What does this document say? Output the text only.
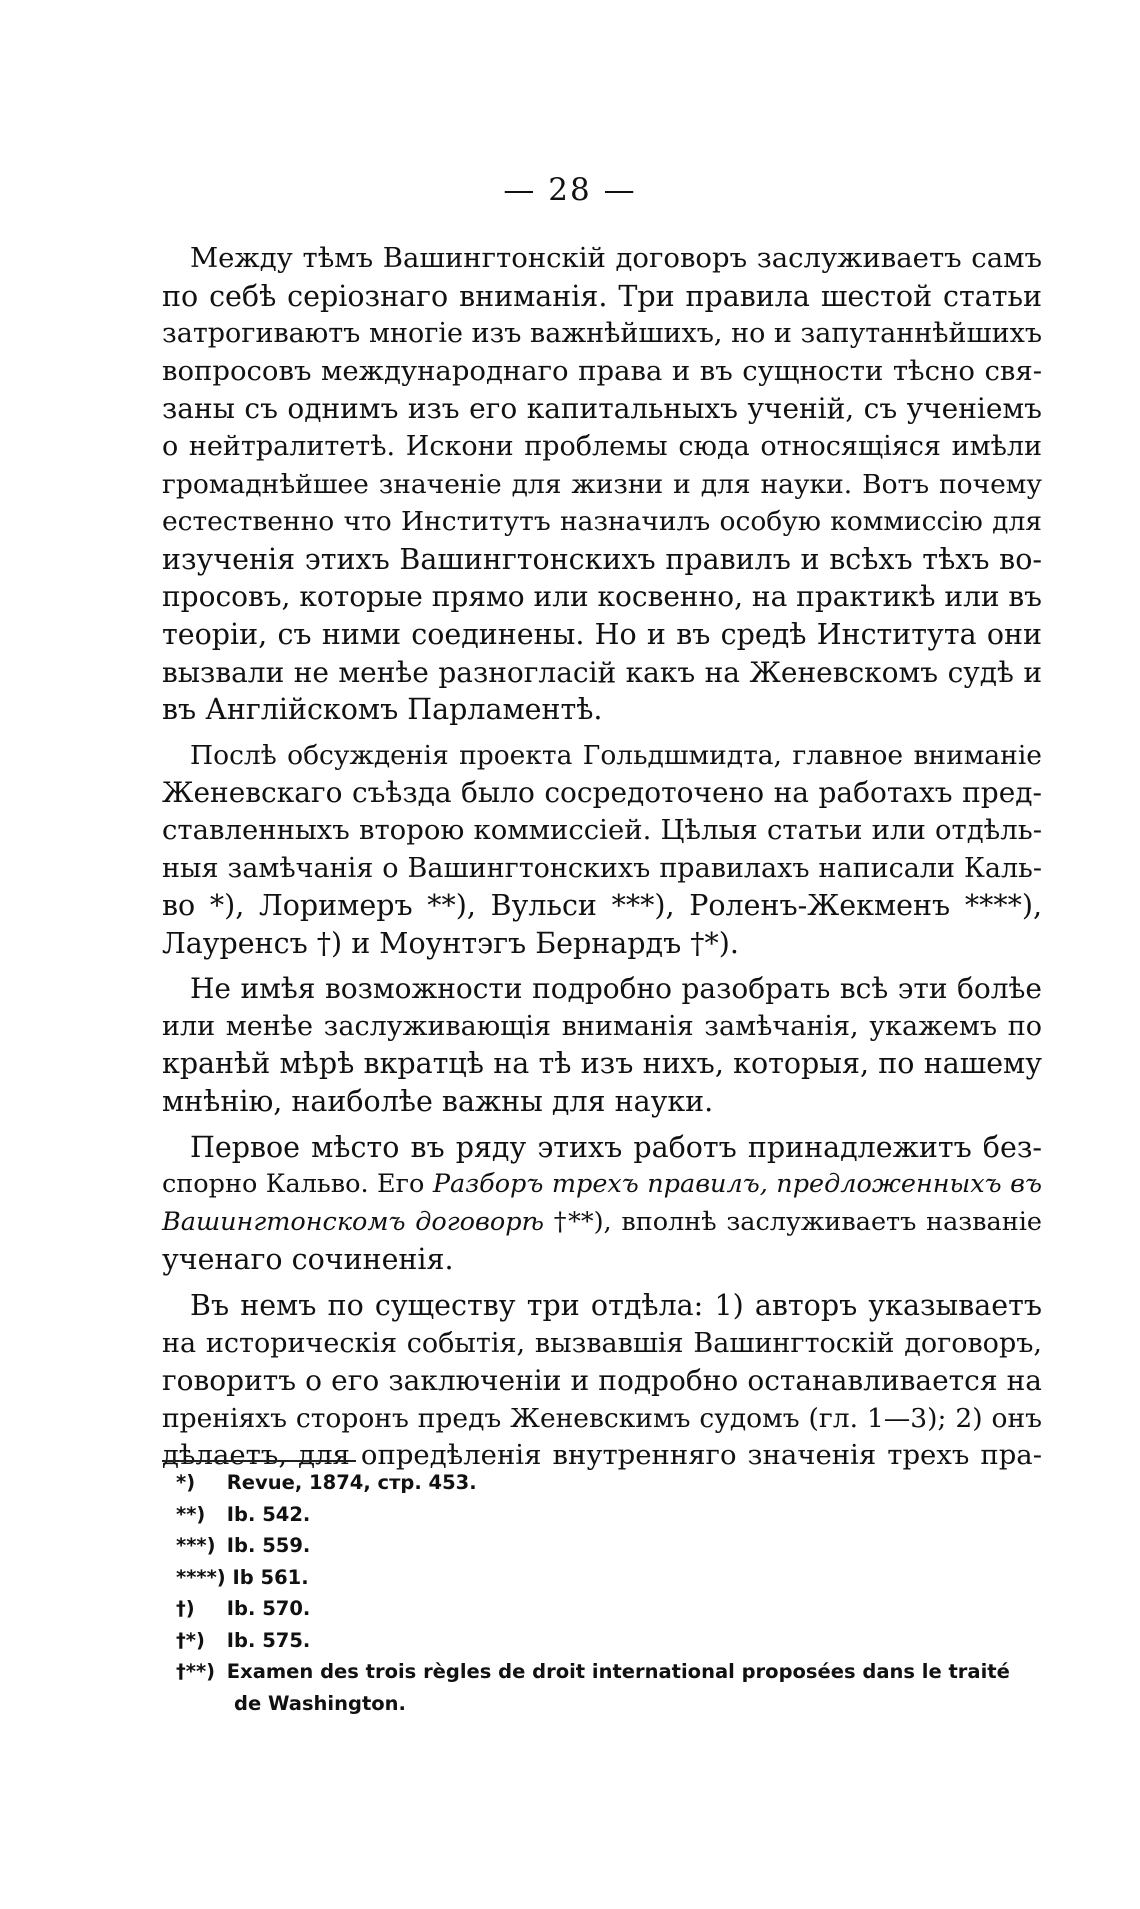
— 28 —
Между тѣмъ Вашингтонскій договоръ заслуживаетъ самъ
по себѣ серіознаго вниманія. Три правила шестой статьи
затрогиваютъ многіе изъ важнѣйшихъ, но и запутаннѣйшихъ
вопросовъ международнаго права и въ сущности тѣсно свя-
заны съ однимъ изъ его капитальныхъ ученій, съ ученіемъ
о нейтралитетѣ. Искони проблемы сюда относящіяся имѣли
громаднѣйшее значеніе для жизни и для науки. Вотъ почему
естественно что Институтъ назначилъ особую коммиссію для
изученія этихъ Вашингтонскихъ правилъ и всѣхъ тѣхъ во-
просовъ, которые прямо или косвенно, на практикѣ или въ
теоріи, съ ними соединены. Но и въ средѣ Института они
вызвали не менѣе разногласій какъ на Женевскомъ судѣ и
въ Англійскомъ Парламентѣ.
Послѣ обсужденія проекта Гольдшмидта, главное вниманіе
Женевскаго съѣзда было сосредоточено на работахъ пред-
ставленныхъ второю коммиссіей. Цѣлыя статьи или отдѣль-
ныя замѣчанія о Вашингтонскихъ правилахъ написали Каль-
во *), Лоримеръ **), Вульси ***), Роленъ-Жекменъ ****),
Лауренсъ †) и Моунтэгъ Бернардъ †*).
Не имѣя возможности подробно разобрать всѣ эти болѣе
или менѣе заслуживающія вниманія замѣчанія, укажемъ по
кранѣй мѣрѣ вкратцѣ на тѣ изъ нихъ, которыя, по нашему
мнѣнію, наиболѣе важны для науки.
Первое мѣсто въ ряду этихъ работъ принадлежитъ без-
спорно Кальво. Его Разборъ трехъ правилъ, предложенныхъ въ
Вашингтонскомъ договорѣ †**), вполнѣ заслуживаетъ названіе
ученаго сочиненія.
Въ немъ по существу три отдѣла: 1) авторъ указываетъ
на историческія событія, вызвавшія Вашингтоскій договоръ,
говоритъ о его заключеніи и подробно останавливается на
преніяхъ сторонъ предъ Женевскимъ судомъ (гл. 1—3); 2) онъ
дѣлаетъ, для опредѣленія внутренняго значенія трехъ пра-
*) Revue, 1874, стр. 453.
**) Ib. 542.
***) Ib. 559.
****) Ib 561.
†) Ib. 570.
†*) Ib. 575.
†**) Examen des trois règles de droit international proposées dans le traité
de Washington.
